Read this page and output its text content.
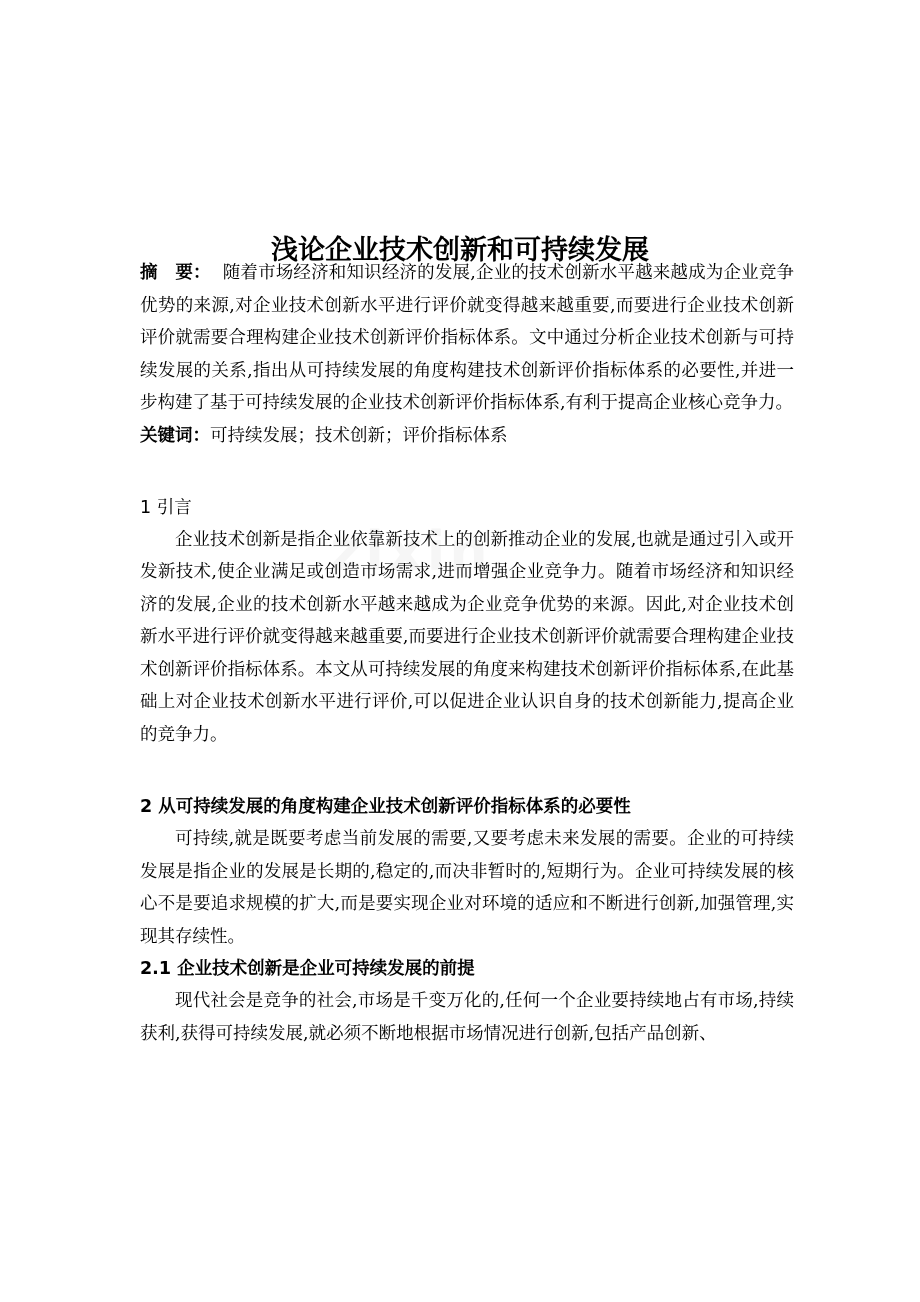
浅论企业技术创新和可持续发展

摘　要： 随着市场经济和知识经济的发展,企业的技术创新水平越来越成为企业竞争优势的来源,对企业技术创新水平进行评价就变得越来越重要,而要进行企业技术创新评价就需要合理构建企业技术创新评价指标体系。文中通过分析企业技术创新与可持续发展的关系,指出从可持续发展的角度构建技术创新评价指标体系的必要性,并进一步构建了基于可持续发展的企业技术创新评价指标体系,有利于提高企业核心竞争力。

关键词：可持续发展；技术创新；评价指标体系

1 引言

企业技术创新是指企业依靠新技术上的创新推动企业的发展,也就是通过引入或开发新技术,使企业满足或创造市场需求,进而增强企业竞争力。随着市场经济和知识经济的发展,企业的技术创新水平越来越成为企业竞争优势的来源。因此,对企业技术创新水平进行评价就变得越来越重要,而要进行企业技术创新评价就需要合理构建企业技术创新评价指标体系。本文从可持续发展的角度来构建技术创新评价指标体系,在此基础上对企业技术创新水平进行评价,可以促进企业认识自身的技术创新能力,提高企业的竞争力。

2 从可持续发展的角度构建企业技术创新评价指标体系的必要性

可持续,就是既要考虑当前发展的需要,又要考虑未来发展的需要。企业的可持续发展是指企业的发展是长期的,稳定的,而决非暂时的,短期行为。企业可持续发展的核心不是要追求规模的扩大,而是要实现企业对环境的适应和不断进行创新,加强管理,实现其存续性。

2.1 企业技术创新是企业可持续发展的前提

现代社会是竞争的社会,市场是千变万化的,任何一个企业要持续地占有市场,持续获利,获得可持续发展,就必须不断地根据市场情况进行创新,包括产品创新、
